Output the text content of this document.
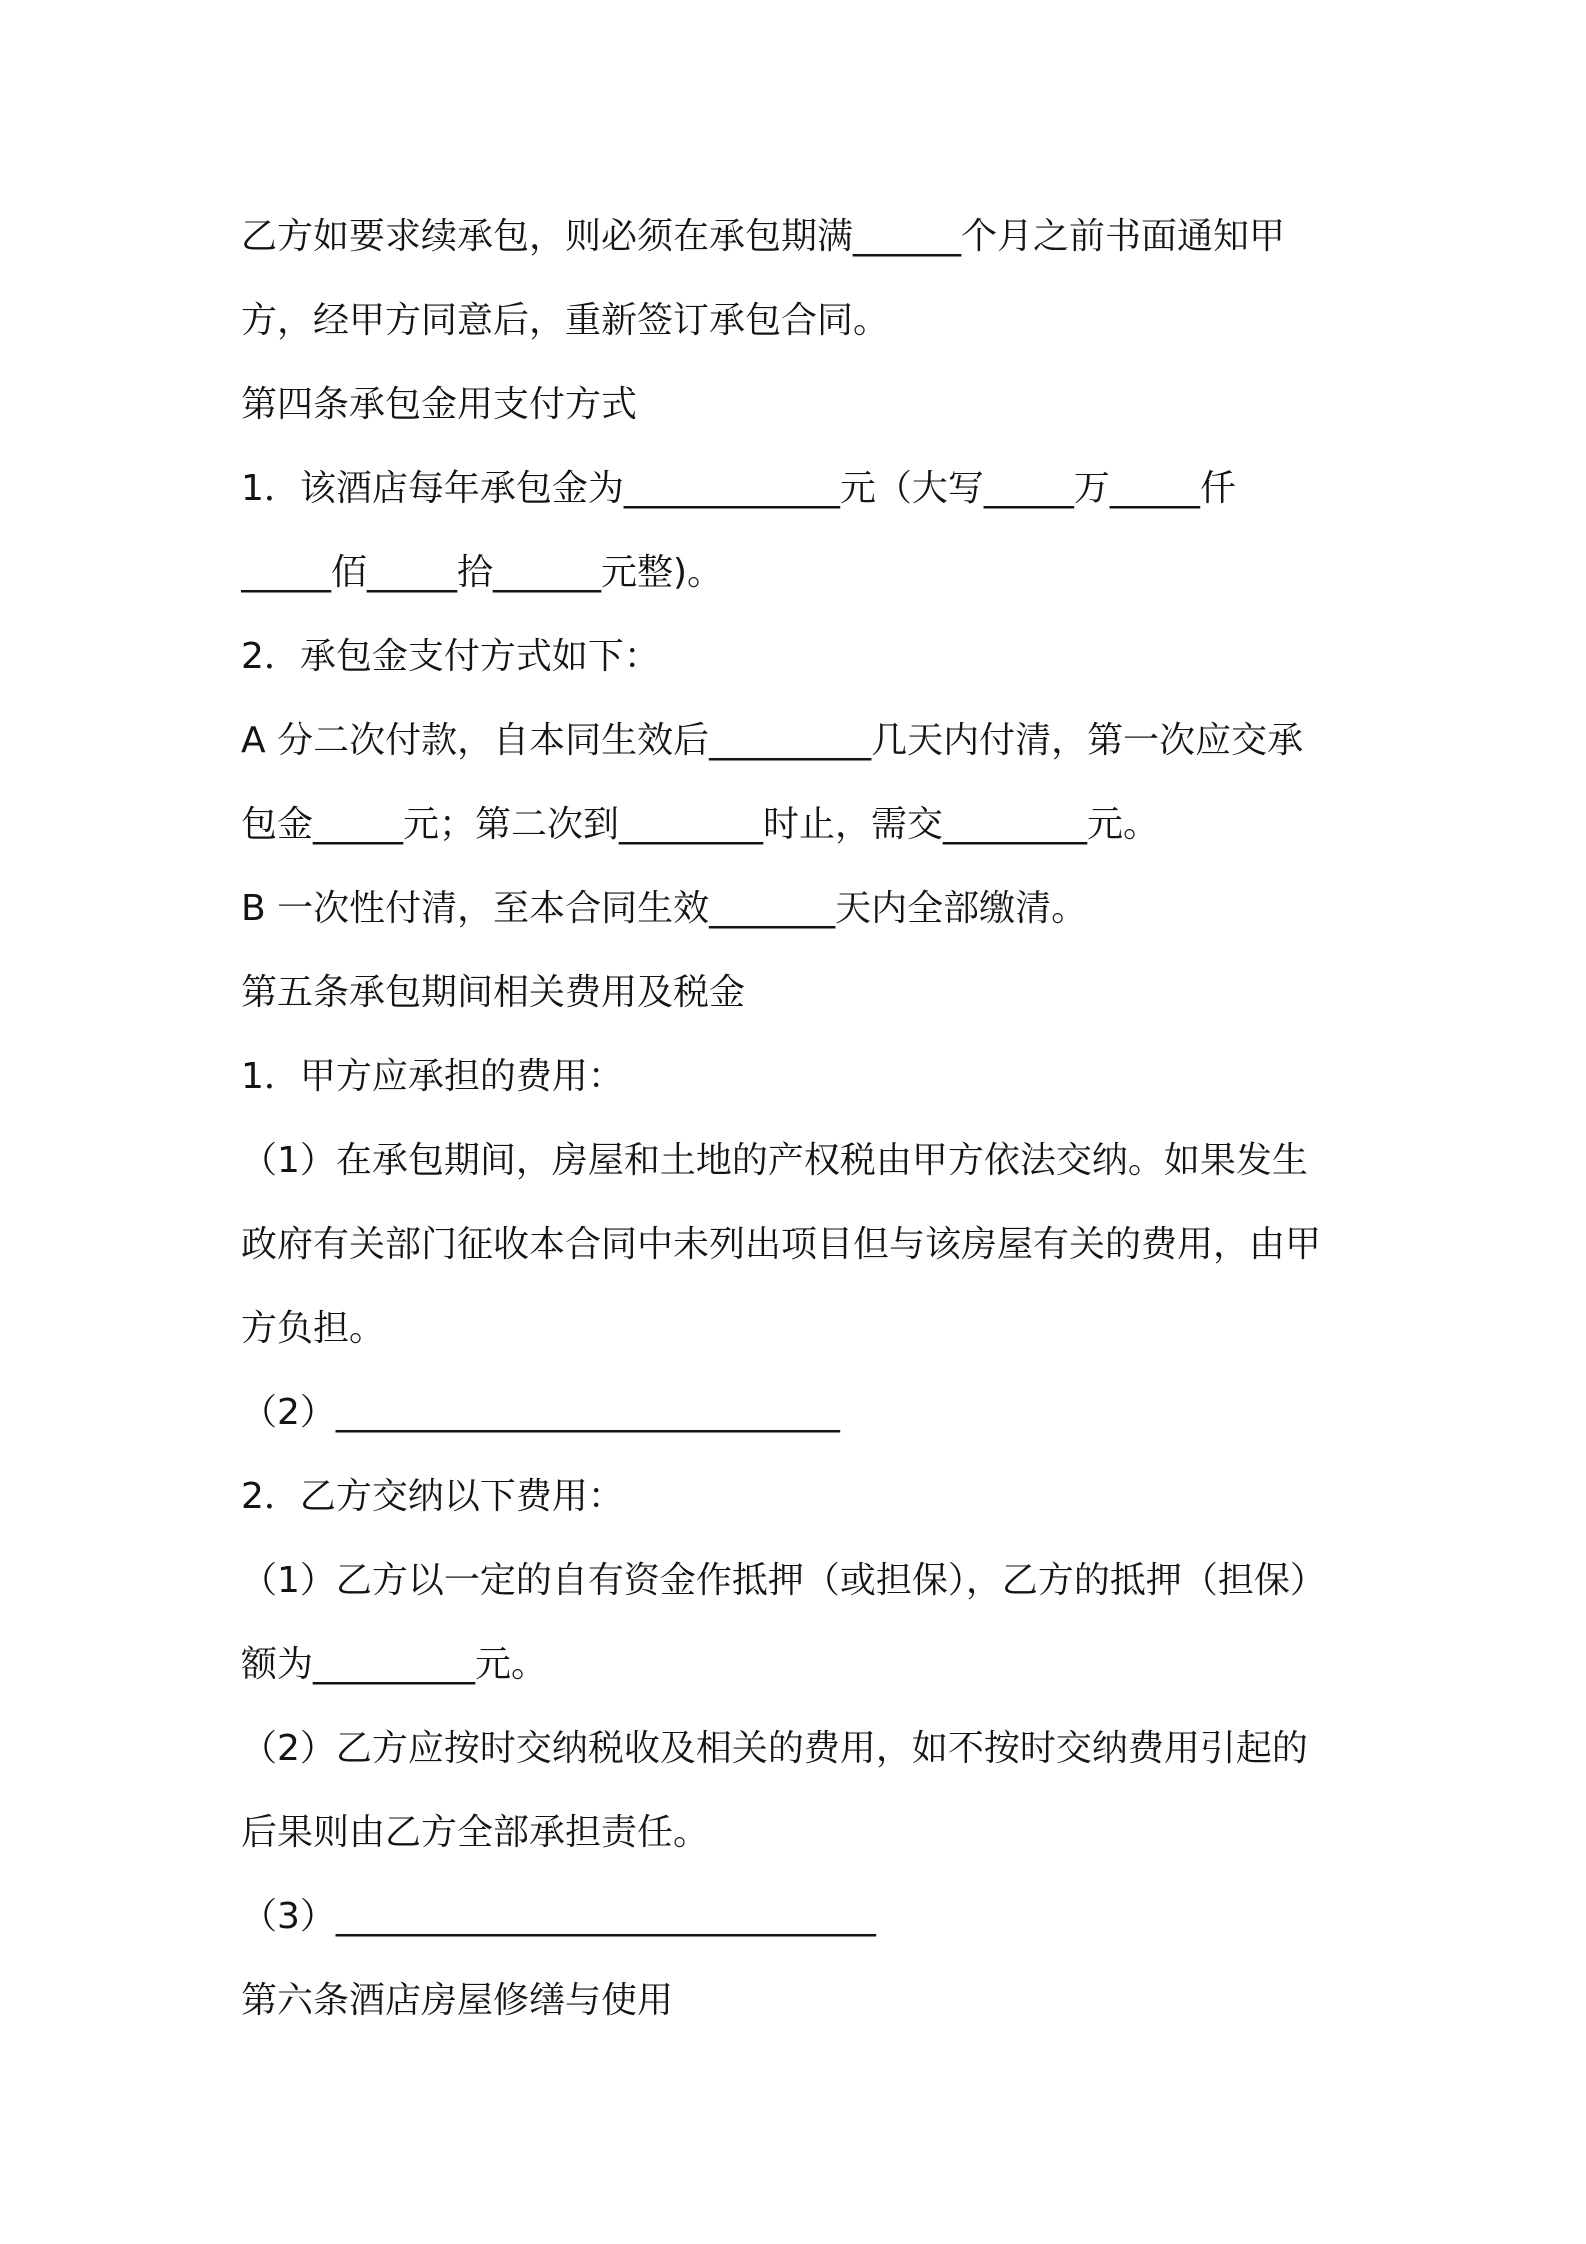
乙方如要求续承包，则必须在承包期满______个月之前书面通知甲

方，经甲方同意后，重新签订承包合同。

第四条承包金用支付方式

1．该酒店每年承包金为____________元（大写_____万_____仟

_____佰_____拾______元整)。

2．承包金支付方式如下：

A 分二次付款，自本同生效后_________几天内付清，第一次应交承

包金_____元；第二次到________时止，需交________元。

B 一次性付清，至本合同生效_______天内全部缴清。

第五条承包期间相关费用及税金

1．甲方应承担的费用：

（1）在承包期间，房屋和土地的产权税由甲方依法交纳。如果发生

政府有关部门征收本合同中未列出项目但与该房屋有关的费用，由甲

方负担。

（2）____________________________

2．乙方交纳以下费用：

（1）乙方以一定的自有资金作抵押（或担保），乙方的抵押（担保）

额为_________元。

（2）乙方应按时交纳税收及相关的费用，如不按时交纳费用引起的

后果则由乙方全部承担责任。

（3）______________________________

第六条酒店房屋修缮与使用
